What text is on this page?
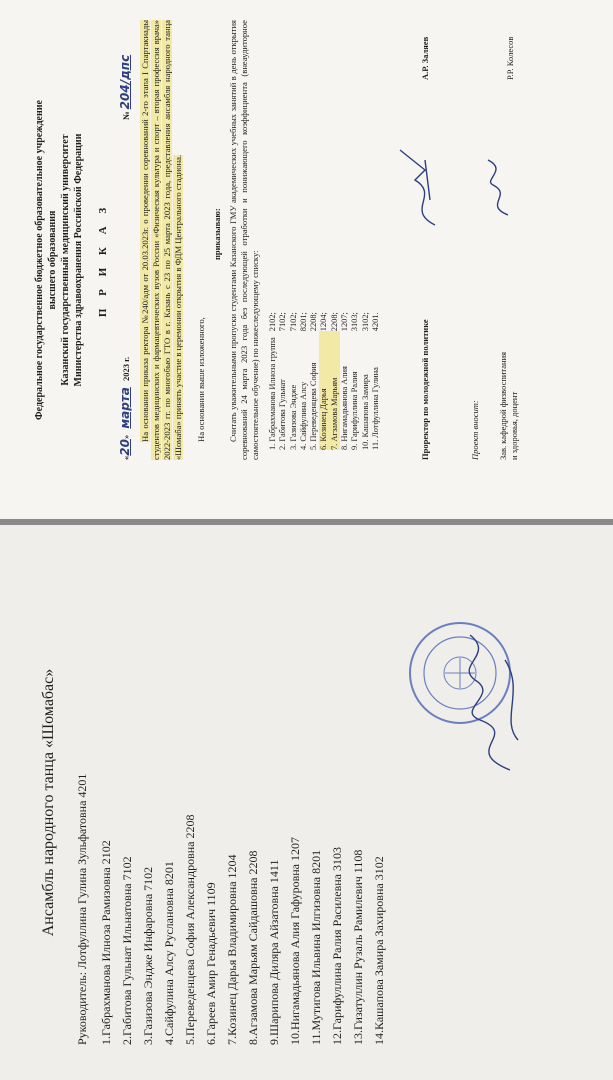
Федеральное государственное бюджетное образовательное учреждение высшего образования Казанский государственный медицинский университет Министерства здравоохранения Российской Федерации П Р И К А З
«20» марта 2023 г.
№ 204/дпс На основании приказа ректора №240/адм от 20.03.2023г. о проведении соревнований 2-го этапа I Спартакиады студентов медицинских и фармацевтических вузов России «Физическая культура и спорт – вторая профессия врача» 2022-2023 гг. по многобью ГТО в г. Казань с 23 по 25 марта 2023 года, представления ансамбля народного танца «Шомаба» принять участие в церемонии открытия в ФДМ Центрального стадиона. На основании выше изложенного,
приказываю: Считать уважительными пропуски студентами Казанского ГМУ академических учебных занятий в день открытия соревнований 24 марта 2023 года без последующей отработки и понижающего коэффициента (внеаудиторное самостоятельное обучение) по нижеследующему списку: 1. Габрахманова Илноза группа	2102;
2. Габитова Гульнат	7102;
3. Газизова Эндже	7102;
4. Сайфулина Алсу	8201;
5. Переведенцева София	2208;
6. Козинец Дарья	1204;
7. Агзамова Марьям	2208;
8. Нигамадьянова Алия	1207;
9. Гарифуллина Ралия	3103;
10. Кашапова Замира	3102;
11. Лотфуллина Гулина	4201.	Проректор по молодежной политике
А.Р. Заляев
Проект вносит: Зав. кафедрой физвоспитания и здоровья, доцент
Р.Р. Колесов
Ансамбль народного танца «Шомабас» Руководитель: Лотфуллина Гулина Зульфатовна 4201 1.Габрахманова Илноза Рамизовна 2102 2.Габитова Гульнат Ильнатовна 7102 3.Газизова Эндже Инфаровна 7102 4.Сайфулина Алсу Руслановна 8201 5.Переведенцева София Александровна 2208 6.Гареев Амир Генадьевич 1109 7.Козинец Дарья Владимировна 1204 8.Агзамова Марьям Сайдашовна 2208 9.Шарипова Диляра Айзатовна 1411 10.Нигамадьянова Алия Гафуровна 1207 11.Мутигова Ильвина Илгизовна 8201 12.Гарифуллина Ралия Расилевна 3103 13.Гизатуллин Рузаль Рамилевич 1108 14.Кашапова Замира Захировна 3102
